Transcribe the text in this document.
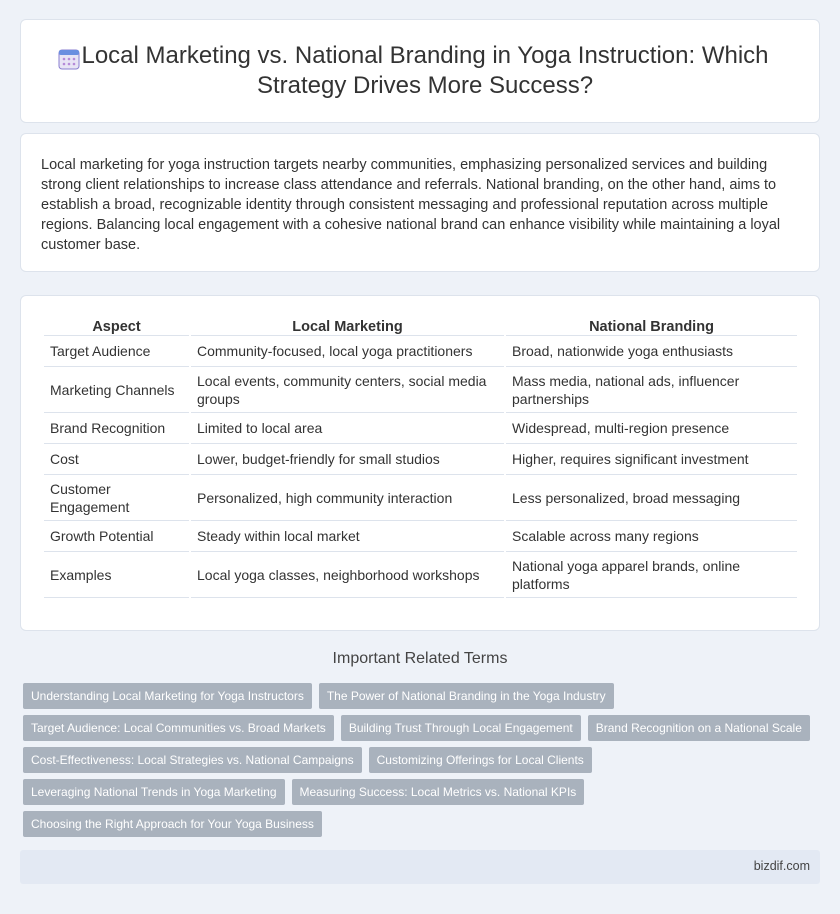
Local Marketing vs. National Branding in Yoga Instruction: Which Strategy Drives More Success?

Local marketing for yoga instruction targets nearby communities, emphasizing personalized services and building strong client relationships to increase class attendance and referrals. National branding, on the other hand, aims to establish a broad, recognizable identity through consistent messaging and professional reputation across multiple regions. Balancing local engagement with a cohesive national brand can enhance visibility while maintaining a loyal customer base.

Aspect	Local Marketing	National Branding
Target Audience	Community-focused, local yoga practitioners	Broad, nationwide yoga enthusiasts
Marketing Channels	Local events, community centers, social media groups	Mass media, national ads, influencer partnerships
Brand Recognition	Limited to local area	Widespread, multi-region presence
Cost	Lower, budget-friendly for small studios	Higher, requires significant investment
Customer Engagement	Personalized, high community interaction	Less personalized, broad messaging
Growth Potential	Steady within local market	Scalable across many regions
Examples	Local yoga classes, neighborhood workshops	National yoga apparel brands, online platforms
Important Related Terms
Understanding Local Marketing for Yoga Instructors	The Power of National Branding in the Yoga Industry
Target Audience: Local Communities vs. Broad Markets	Building Trust Through Local Engagement	Brand Recognition on a National Scale
Cost-Effectiveness: Local Strategies vs. National Campaigns	Customizing Offerings for Local Clients
Leveraging National Trends in Yoga Marketing	Measuring Success: Local Metrics vs. National KPIs
Choosing the Right Approach for Your Yoga Business
bizdif.com
